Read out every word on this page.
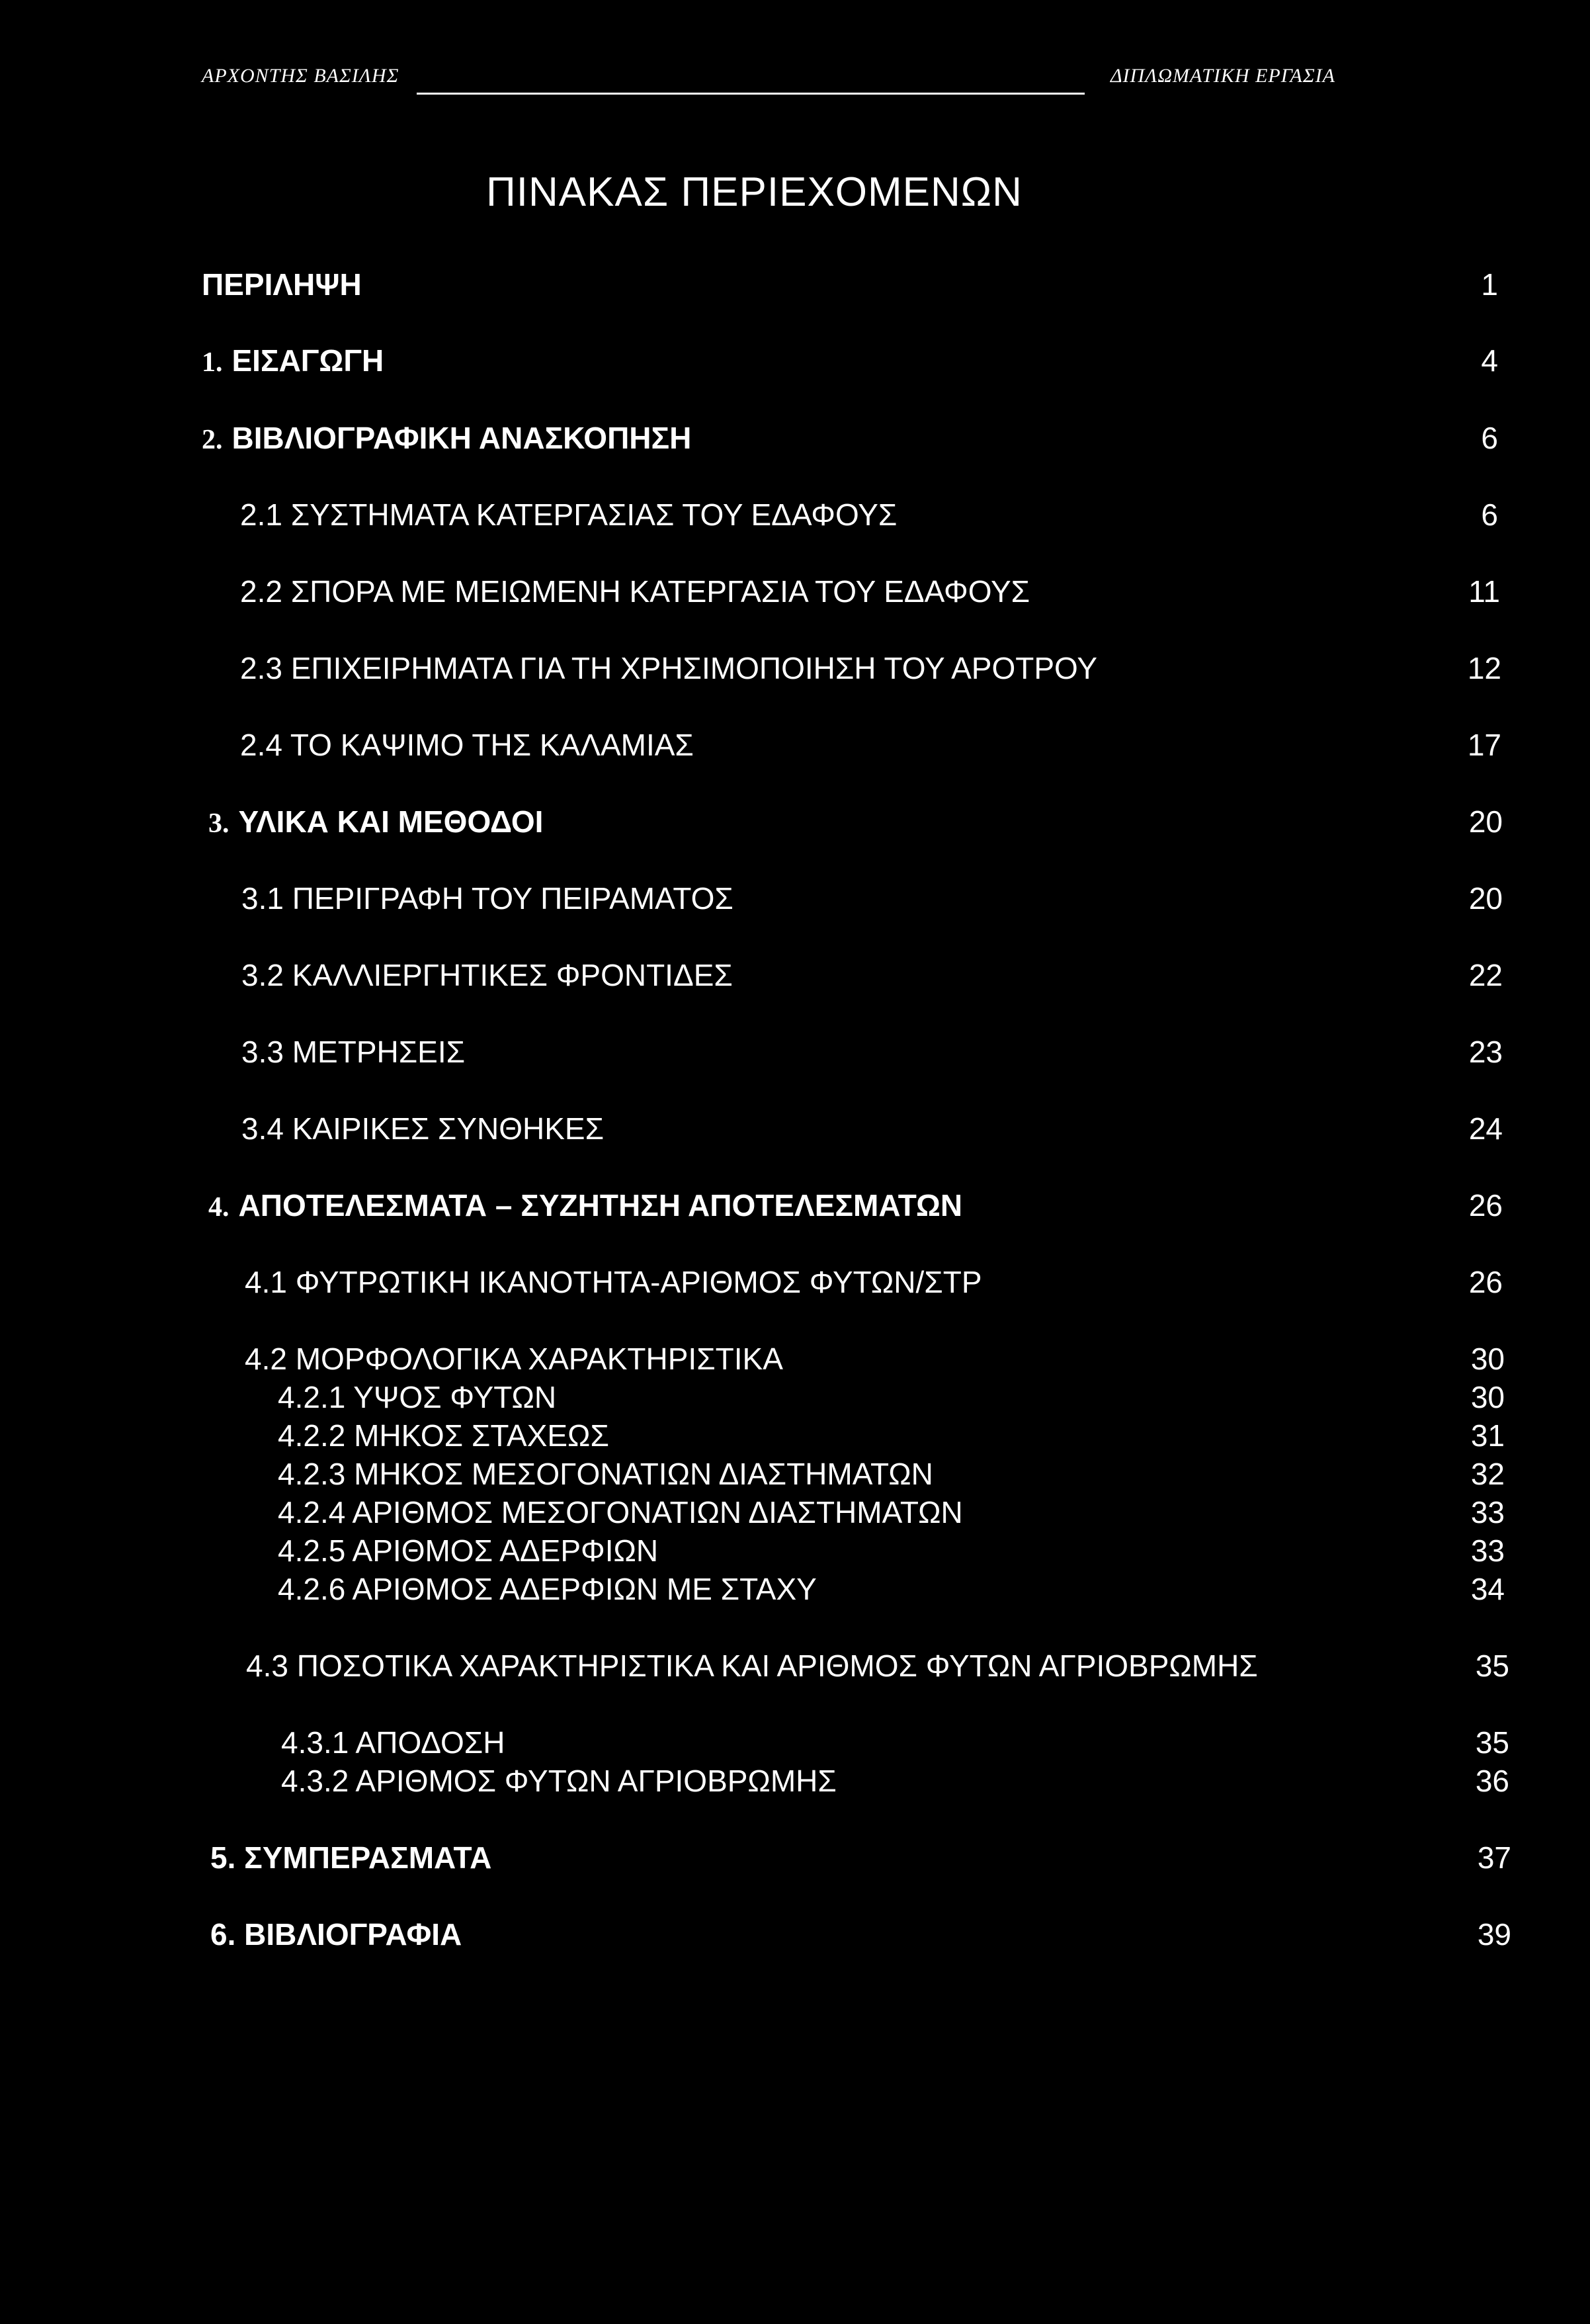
ΑΡΧΟΝΤΗΣ ΒΑΣΙΛΗΣ	ΔΙΠΛΩΜΑΤΙΚΗ ΕΡΓΑΣΙΑ
ΠΙΝΑΚΑΣ ΠΕΡΙΕΧΟΜΕΝΩΝ
ΠΕΡΙΛΗΨΗ	1
1. ΕΙΣΑΓΩΓΗ	4
2. ΒΙΒΛΙΟΓΡΑΦΙΚΗ ΑΝΑΣΚΟΠΗΣΗ	6
2.1 ΣΥΣΤΗΜΑΤΑ ΚΑΤΕΡΓΑΣΙΑΣ ΤΟΥ ΕΔΑΦΟΥΣ	6
2.2 ΣΠΟΡΑ ΜΕ ΜΕΙΩΜΕΝΗ ΚΑΤΕΡΓΑΣΙΑ ΤΟΥ ΕΔΑΦΟΥΣ	11
2.3 ΕΠΙΧΕΙΡΗΜΑΤΑ ΓΙΑ ΤΗ ΧΡΗΣΙΜΟΠΟΙΗΣΗ ΤΟΥ ΑΡΟΤΡΟΥ	12
2.4 ΤΟ ΚΑΨΙΜΟ ΤΗΣ ΚΑΛΑΜΙΑΣ	17
3. ΥΛΙΚΑ ΚΑΙ ΜΕΘΟΔΟΙ	20
3.1 ΠΕΡΙΓΡΑΦΗ ΤΟΥ ΠΕΙΡΑΜΑΤΟΣ	20
3.2 ΚΑΛΛΙΕΡΓΗΤΙΚΕΣ ΦΡΟΝΤΙΔΕΣ	22
3.3 ΜΕΤΡΗΣΕΙΣ	23
3.4 ΚΑΙΡΙΚΕΣ ΣΥΝΘΗΚΕΣ	24
4. ΑΠΟΤΕΛΕΣΜΑΤΑ – ΣΥΖΗΤΗΣΗ ΑΠΟΤΕΛΕΣΜΑΤΩΝ	26
4.1 ΦΥΤΡΩΤΙΚΗ ΙΚΑΝΟΤΗΤΑ-ΑΡΙΘΜΟΣ ΦΥΤΩΝ/ΣΤΡ	26
4.2 ΜΟΡΦΟΛΟΓΙΚΑ ΧΑΡΑΚΤΗΡΙΣΤΙΚΑ	30
4.2.1 ΥΨΟΣ ΦΥΤΩΝ	30
4.2.2 ΜΗΚΟΣ ΣΤΑΧΕΩΣ	31
4.2.3 ΜΗΚΟΣ ΜΕΣΟΓΟΝΑΤΙΩΝ ΔΙΑΣΤΗΜΑΤΩΝ	32
4.2.4 ΑΡΙΘΜΟΣ ΜΕΣΟΓΟΝΑΤΙΩΝ ΔΙΑΣΤΗΜΑΤΩΝ	33
4.2.5 ΑΡΙΘΜΟΣ ΑΔΕΡΦΙΩΝ	33
4.2.6 ΑΡΙΘΜΟΣ ΑΔΕΡΦΙΩΝ ΜΕ ΣΤΑΧΥ	34
4.3 ΠΟΣΟΤΙΚΑ ΧΑΡΑΚΤΗΡΙΣΤΙΚΑ ΚΑΙ ΑΡΙΘΜΟΣ ΦΥΤΩΝ ΑΓΡΙΟΒΡΩΜΗΣ	35
4.3.1 ΑΠΟΔΟΣΗ	35
4.3.2 ΑΡΙΘΜΟΣ ΦΥΤΩΝ ΑΓΡΙΟΒΡΩΜΗΣ	36
5. ΣΥΜΠΕΡΑΣΜΑΤΑ	37
6. ΒΙΒΛΙΟΓΡΑΦΙΑ	39
